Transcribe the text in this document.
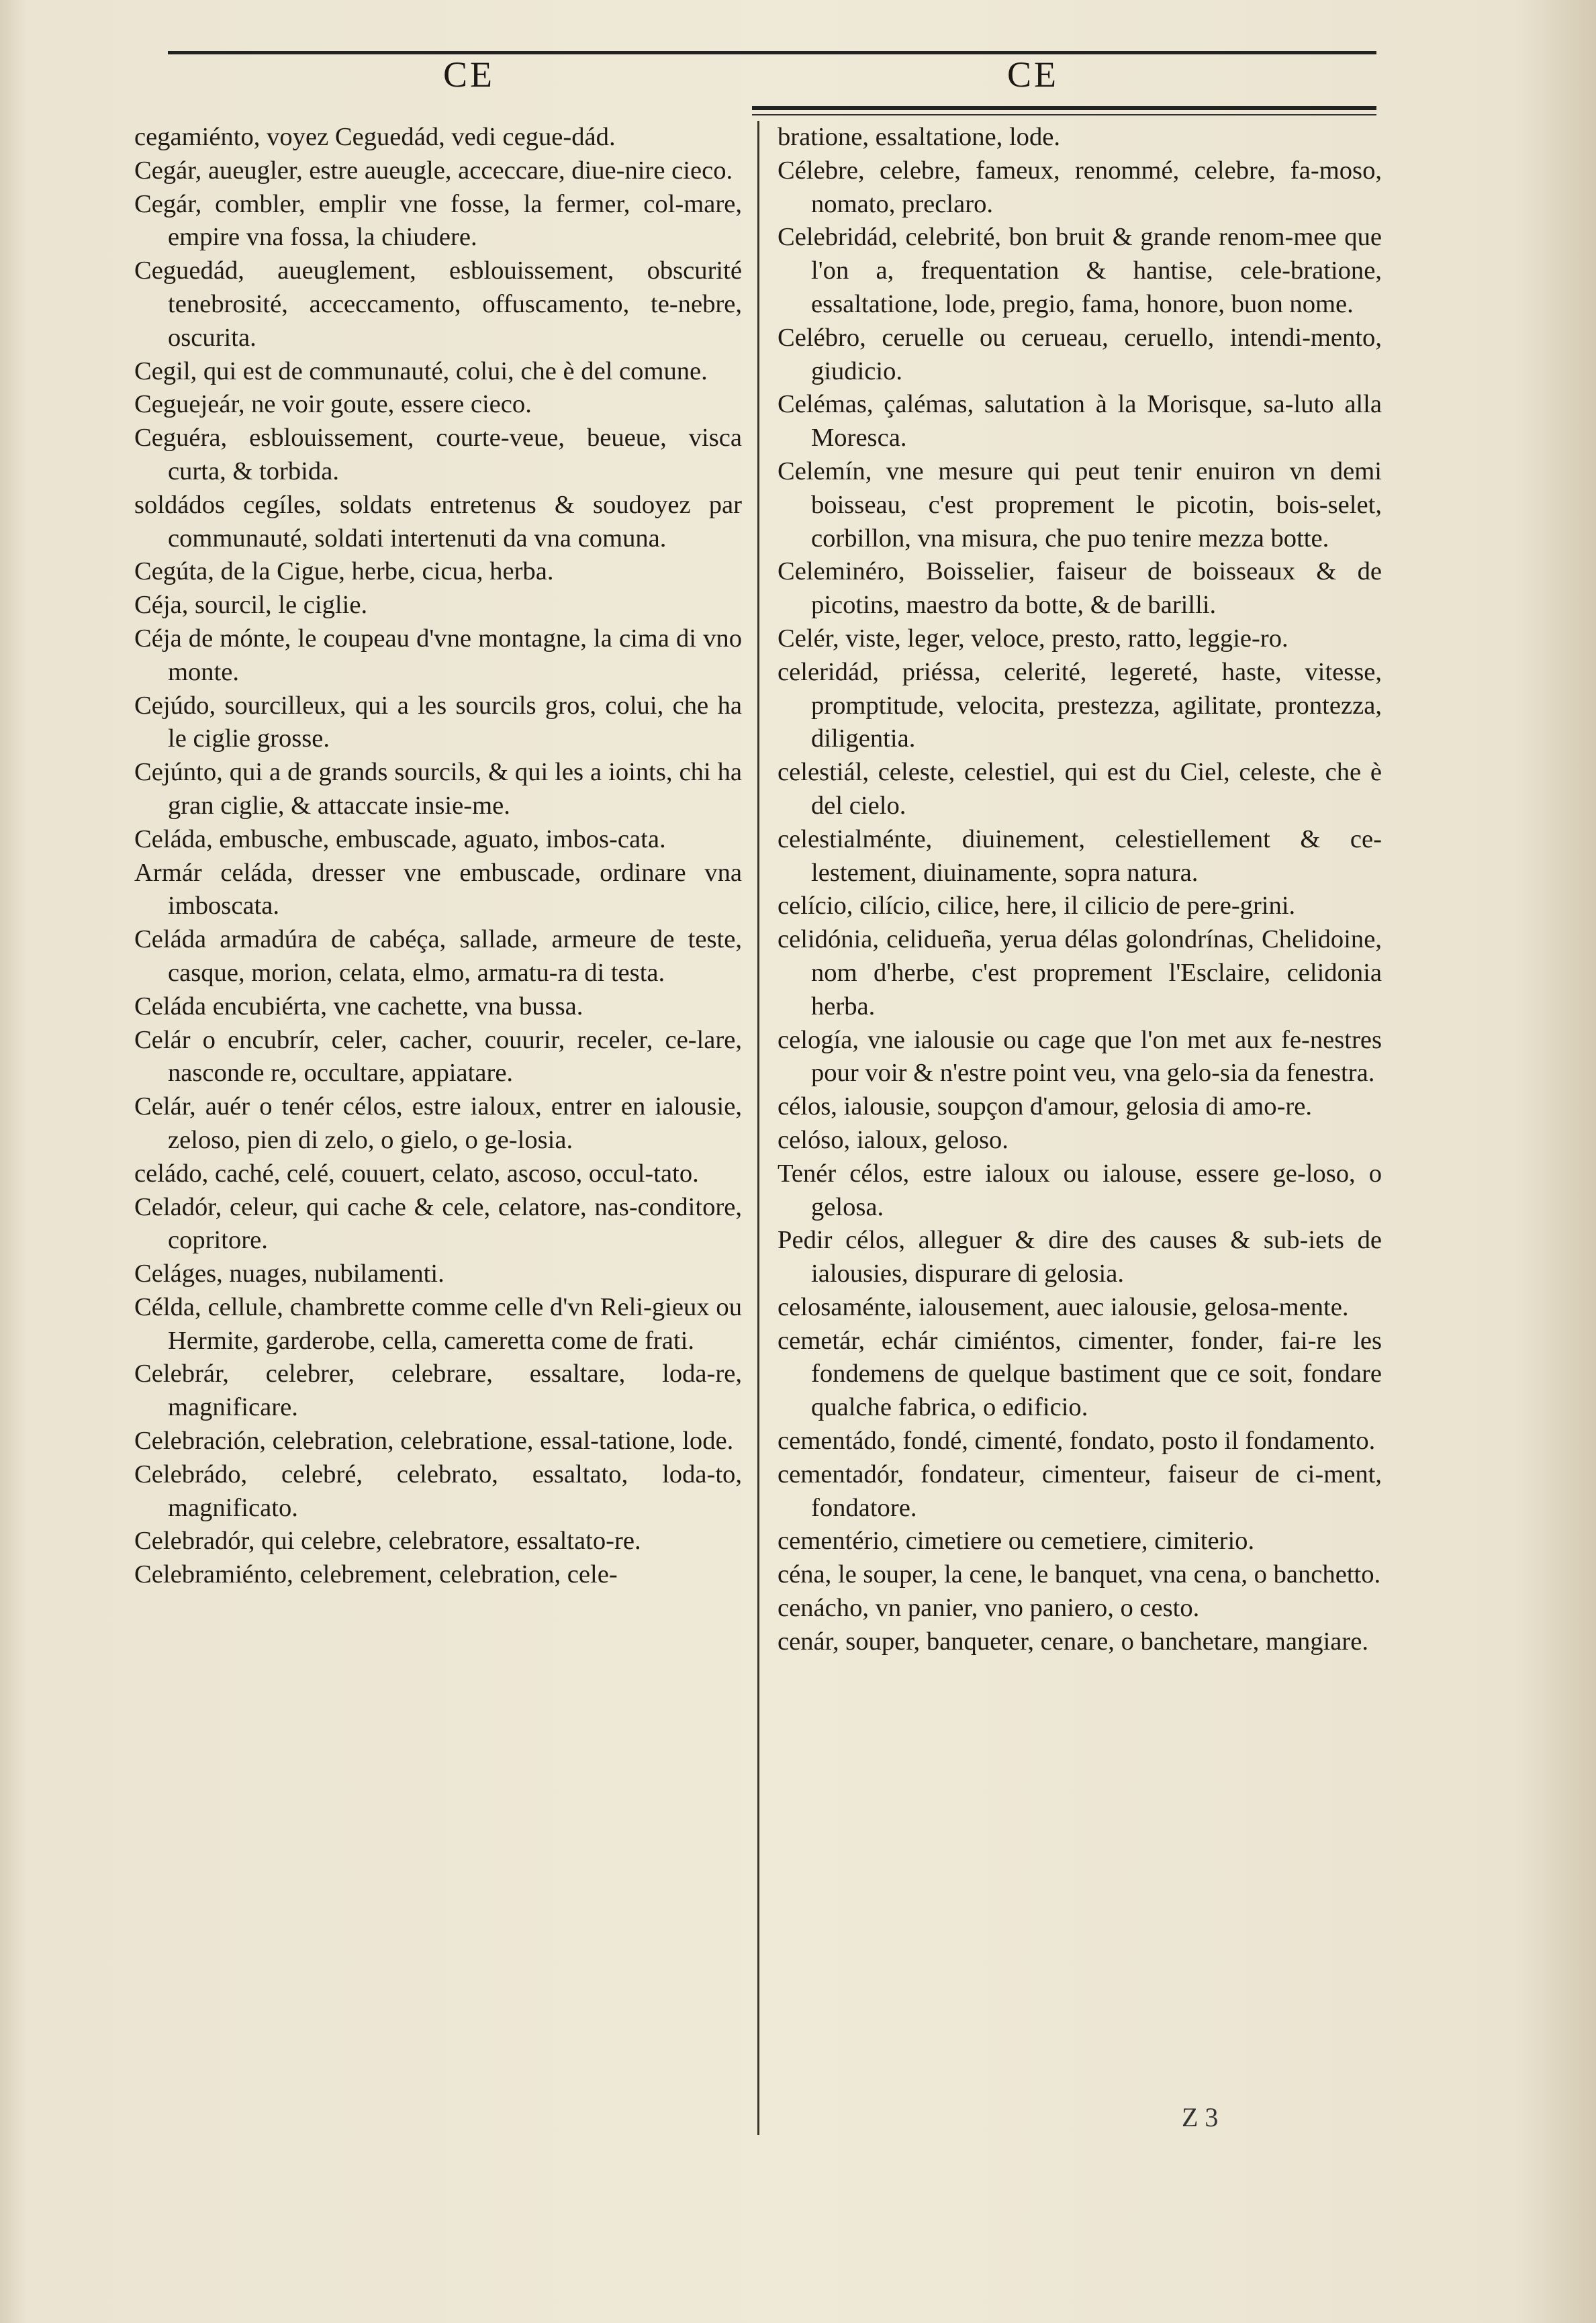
CE	CE
cegamiénto, voyez Ceguedád, vedi cegue-dád.
Cegár, aueugler, estre aueugle, acceccare, diue-nire cieco.
Cegár, combler, emplir vne fosse, la fermer, col-mare, empire vna fossa, la chiudere.
Ceguedád, aueuglement, esblouissement, obscurité tenebrosité, acceccamento, offuscamento, te-nebre, oscurita.
Cegil, qui est de communauté, colui, che è del comune.
Ceguejeár, ne voir goute, essere cieco.
Ceguéra, esblouissement, courte-veue, beueue, visca curta, & torbida.
soldádos cegíles, soldats entretenus & soudoyez par communauté, soldati intertenuti da vna comuna.
Cegúta, de la Cigue, herbe, cicua, herba.
Céja, sourcil, le ciglie.
Céja de mónte, le coupeau d'vne montagne, la cima di vno monte.
Cejúdo, sourcilleux, qui a les sourcils gros, colui, che ha le ciglie grosse.
Cejúnto, qui a de grands sourcils, & qui les a ioints, chi ha gran ciglie, & attaccate insie-me.
Celáda, embusche, embuscade, aguato, imbos-cata.
Armár celáda, dresser vne embuscade, ordinare vna imboscata.
Celáda armadúra de cabéça, sallade, armeure de teste, casque, morion, celata, elmo, armatu-ra di testa.
Celáda encubiérta, vne cachette, vna bussa.
Celár o encubrír, celer, cacher, couurir, receler, ce-lare, nasconde re, occultare, appiatare.
Celár, auér o tenér célos, estre ialoux, entrer en ialousie, zeloso, pien di zelo, o gielo, o ge-losia.
celádo, caché, celé, couuert, celato, ascoso, occul-tato.
Celadór, celeur, qui cache & cele, celatore, nas-conditore, copritore.
Celáges, nuages, nubilamenti.
Célda, cellule, chambrette comme celle d'vn Reli-gieux ou Hermite, garderobe, cella, cameretta come de frati.
Celebrár, celebrer, celebrare, essaltare, loda-re, magnificare.
Celebración, celebration, celebratione, essal-tatione, lode.
Celebrádo, celebré, celebrato, essaltato, loda-to, magnificato.
Celebradór, qui celebre, celebratore, essaltato-re.
Celebramiénto, celebrement, celebration, cele-
bratione, essaltatione, lode.
Célebre, celebre, fameux, renommé, celebre, fa-moso, nomato, preclaro.
Celebridád, celebrité, bon bruit & grande renom-mee que l'on a, frequentation & hantise, cele-bratione, essaltatione, lode, pregio, fama, honore, buon nome.
Celébro, ceruelle ou cerueau, ceruello, intendi-mento, giudicio.
Celémas, çalémas, salutation à la Morisque, sa-luto alla Moresca.
Celemín, vne mesure qui peut tenir enuiron vn demi boisseau, c'est proprement le picotin, bois-selet, corbillon, vna misura, che puo tenire mezza botte.
Celeminéro, Boisselier, faiseur de boisseaux & de picotins, maestro da botte, & de barilli.
Celér, viste, leger, veloce, presto, ratto, leggie-ro.
celeridád, priéssa, celerité, legereté, haste, vitesse, promptitude, velocita, prestezza, agilitate, prontezza, diligentia.
celestiál, celeste, celestiel, qui est du Ciel, celeste, che è del cielo.
celestialménte, diuinement, celestiellement & ce-lestement, diuinamente, sopra natura.
celício, cilício, cilice, here, il cilicio de pere-grini.
celidónia, celidueña, yerua délas golondrínas, Chelidoine, nom d'herbe, c'est proprement l'Esclaire, celidonia herba.
celogía, vne ialousie ou cage que l'on met aux fe-nestres pour voir & n'estre point veu, vna gelo-sia da fenestra.
célos, ialousie, soupçon d'amour, gelosia di amo-re.
celóso, ialoux, geloso.
Tenér célos, estre ialoux ou ialouse, essere ge-loso, o gelosa.
Pedir célos, alleguer & dire des causes & sub-iets de ialousies, dispurare di gelosia.
celosaménte, ialousement, auec ialousie, gelosa-mente.
cemetár, echár cimiéntos, cimenter, fonder, fai-re les fondemens de quelque bastiment que ce soit, fondare qualche fabrica, o edificio.
cementádo, fondé, cimenté, fondato, posto il fondamento.
cementadór, fondateur, cimenteur, faiseur de ci-ment, fondatore.
cementério, cimetiere ou cemetiere, cimiterio.
céna, le souper, la cene, le banquet, vna cena, o banchetto.
cenácho, vn panier, vno paniero, o cesto.
cenár, souper, banqueter, cenare, o banchetare, mangiare.
Z 3
